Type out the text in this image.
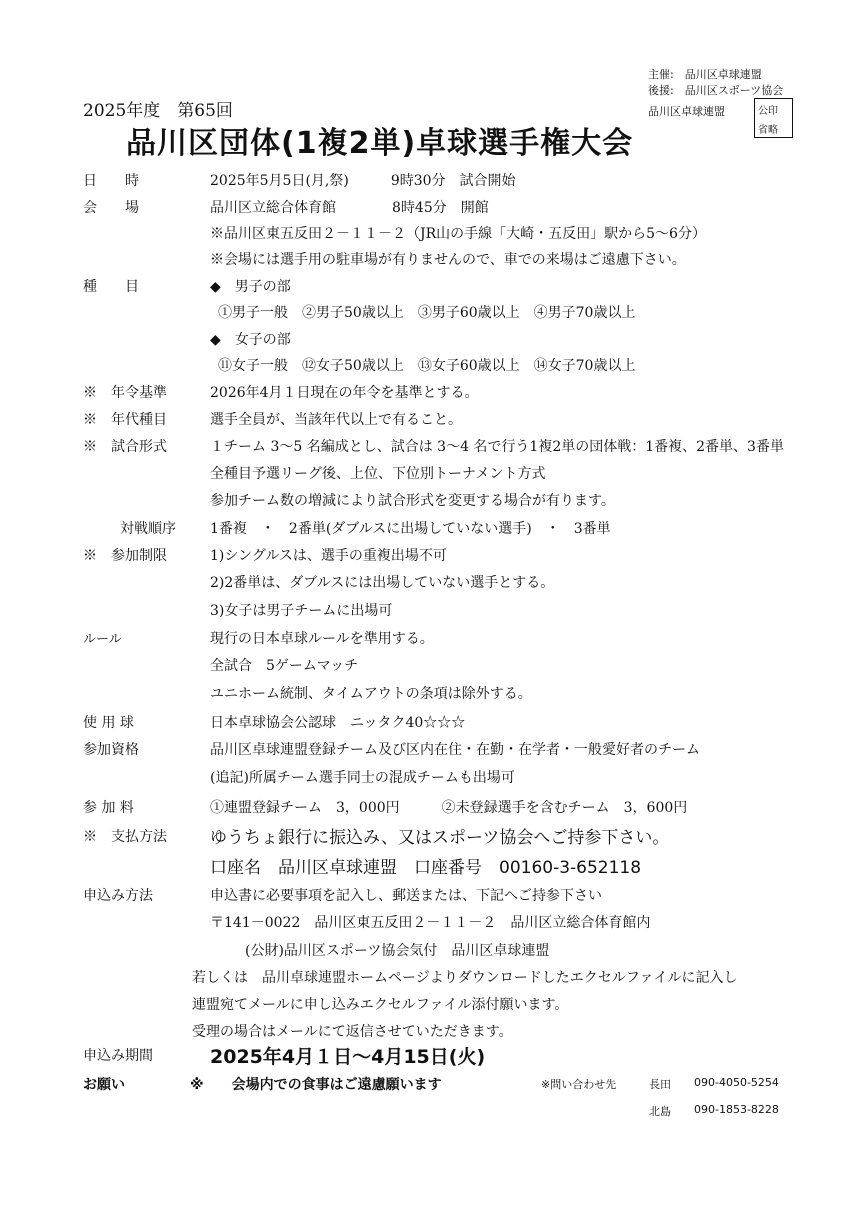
主催:　品川区卓球連盟
後援:　品川区スポーツ協会
品川区卓球連盟	公印
省略
2025年度　第65回
品川区団体(1複2単)卓球選手権大会
日　　時	2025年5月5日(月,祭)　　　9時30分　試合開始
会　　場	品川区立総合体育館　　　　8時45分　開館
※品川区東五反田２－１１－２（JR山の手線「大崎・五反田」駅から5～6分）
※会場には選手用の駐車場が有りませんので、車での来場はご遠慮下さい。
種　　目	◆　男子の部
①男子一般　②男子50歳以上　③男子60歳以上　④男子70歳以上
◆　女子の部
⑪女子一般　⑫女子50歳以上　⑬女子60歳以上　⑭女子70歳以上
※　年令基準	2026年4月１日現在の年令を基準とする。
※　年代種目	選手全員が、当該年代以上で有ること。
※　試合形式	１チーム 3～5 名編成とし、試合は 3～4 名で行う1複2単の団体戦：1番複、2番単、3番単
全種目予選リーグ後、上位、下位別トーナメント方式
参加チーム数の増減により試合形式を変更する場合が有ります。
対戦順序 1番複　・　2番単(ダブルスに出場していない選手)　・　3番単
※　参加制限	1)シングルスは、選手の重複出場不可
2)2番単は、ダブルスには出場していない選手とする。
3)女子は男子チームに出場可
ルール	現行の日本卓球ルールを準用する。
全試合　5ゲームマッチ
ユニホーム統制、タイムアウトの条項は除外する。
使 用 球	日本卓球協会公認球　ニッタク40☆☆☆
参加資格	品川区卓球連盟登録チーム及び区内在住・在勤・在学者・一般愛好者のチーム
(追記)所属チーム選手同士の混成チームも出場可
参 加 料	①連盟登録チーム　3，000円　　　②未登録選手を含むチーム　3，600円
※　支払方法	ゆうちょ銀行に振込み、又はスポーツ協会へご持参下さい。
口座名　品川区卓球連盟　口座番号　00160-3-652118
申込み方法	申込書に必要事項を記入し、郵送または、下記へご持参下さい
〒141－0022　品川区東五反田２－１１－２　品川区立総合体育館内
(公財)品川区スポーツ協会気付　品川区卓球連盟
若しくは　品川卓球連盟ホームページよりダウンロードしたエクセルファイルに記入し
連盟宛てメールに申し込みエクセルファイル添付願います。
受理の場合はメールにて返信させていただきます。
申込み期間	2025年4月１日～4月15日(火)
お願い	※　　会場内での食事はご遠慮願います	※問い合わせ先	長田 090-4050-5254
北島 090-1853-8228
